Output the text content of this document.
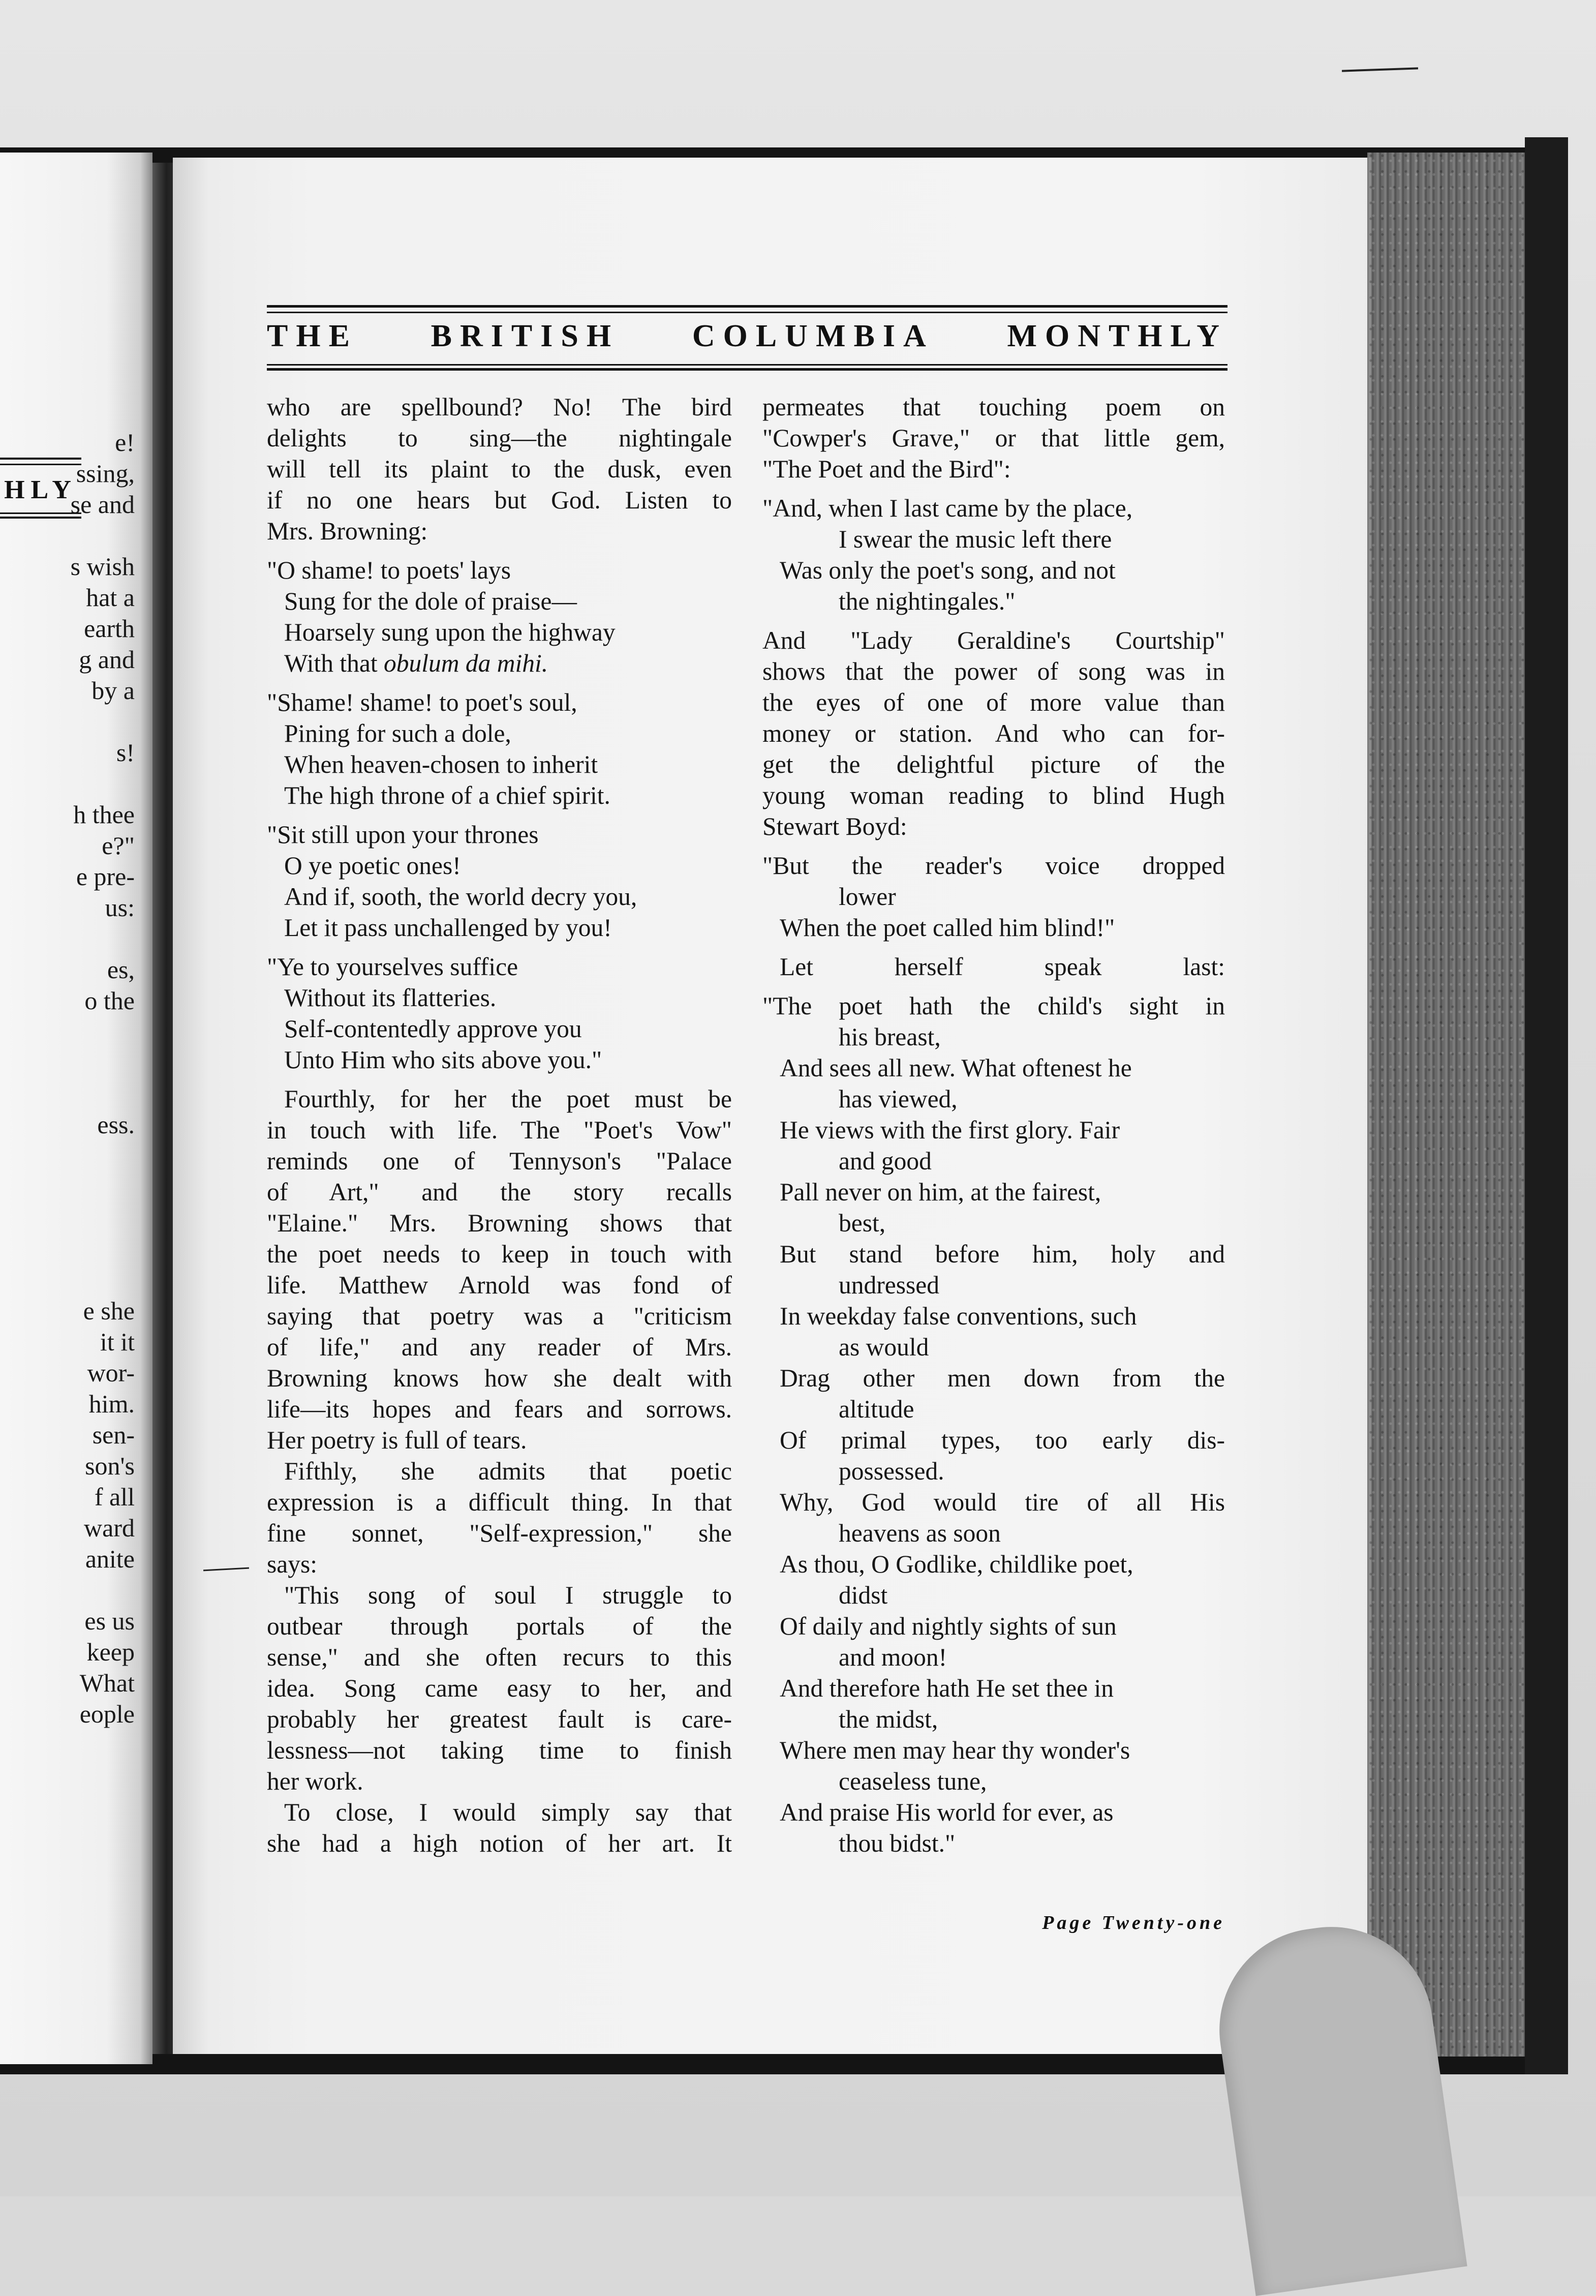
HLY
e!
ssing,
se and
s wish
hat a
earth
g and
by a
s!
h thee
e?"
e pre-
us:
es,
o the
ess.
e she
it it
wor-
him.
sen-
son's
f all
ward
anite
es us
keep
What
eople
THE BRITISH COLUMBIA MONTHLY
who are spellbound? No! The bird
delights to sing—the nightingale
will tell its plaint to the dusk, even
if no one hears but God. Listen to
Mrs. Browning:
"O shame! to poets' lays
Sung for the dole of praise—
Hoarsely sung upon the highway
With that obulum da mihi.
"Shame! shame! to poet's soul,
Pining for such a dole,
When heaven-chosen to inherit
The high throne of a chief spirit.
"Sit still upon your thrones
O ye poetic ones!
And if, sooth, the world decry you,
Let it pass unchallenged by you!
"Ye to yourselves suffice
Without its flatteries.
Self-contentedly approve you
Unto Him who sits above you."
Fourthly, for her the poet must be
in touch with life. The "Poet's Vow"
reminds one of Tennyson's "Palace
of Art," and the story recalls
"Elaine." Mrs. Browning shows that
the poet needs to keep in touch with
life. Matthew Arnold was fond of
saying that poetry was a "criticism
of life," and any reader of Mrs.
Browning knows how she dealt with
life—its hopes and fears and sorrows.
Her poetry is full of tears.
Fifthly, she admits that poetic
expression is a difficult thing. In that
fine sonnet, "Self-expression," she
says:
"This song of soul I struggle to
outbear through portals of the
sense," and she often recurs to this
idea. Song came easy to her, and
probably her greatest fault is care-
lessness—not taking time to finish
her work.
To close, I would simply say that
she had a high notion of her art. It
permeates that touching poem on
"Cowper's Grave," or that little gem,
"The Poet and the Bird":
"And, when I last came by the place,
I swear the music left there
Was only the poet's song, and not
the nightingales."
And "Lady Geraldine's Courtship"
shows that the power of song was in
the eyes of one of more value than
money or station. And who can for-
get the delightful picture of the
young woman reading to blind Hugh
Stewart Boyd:
"But the reader's voice dropped
lower
When the poet called him blind!"
Let herself speak last:
"The poet hath the child's sight in
his breast,
And sees all new. What oftenest he
has viewed,
He views with the first glory. Fair
and good
Pall never on him, at the fairest,
best,
But stand before him, holy and
undressed
In weekday false conventions, such
as would
Drag other men down from the
altitude
Of primal types, too early dis-
possessed.
Why, God would tire of all His
heavens as soon
As thou, O Godlike, childlike poet,
didst
Of daily and nightly sights of sun
and moon!
And therefore hath He set thee in
the midst,
Where men may hear thy wonder's
ceaseless tune,
And praise His world for ever, as
thou bidst."
Page Twenty-one
